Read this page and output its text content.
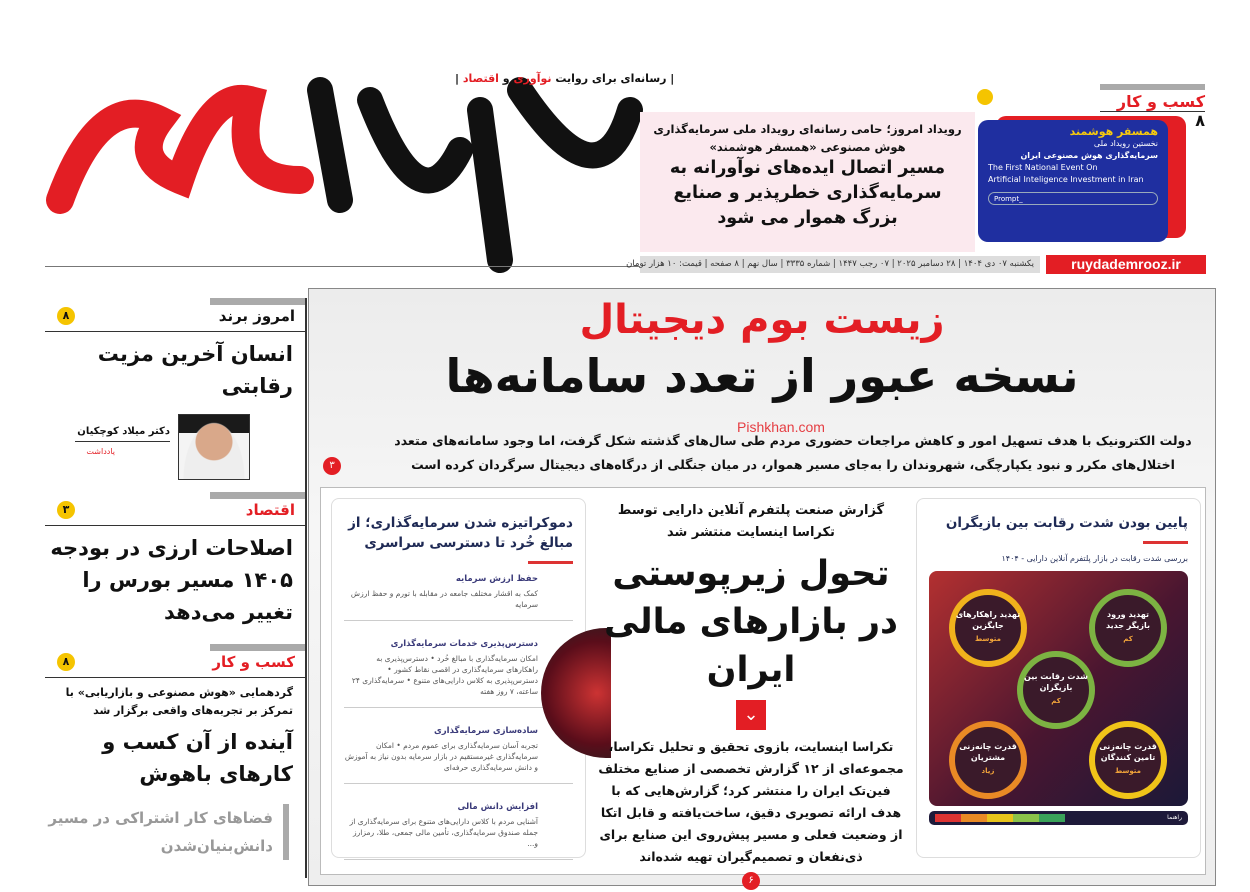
| رسانه‌ای برای روایت نوآوری و اقتصاد |
کسب و کار   ۸
رویداد امروز؛ حامی رسانه‌ای رویداد ملی سرمایه‌گذاری هوش مصنوعی «همسفر هوشمند»
مسیر اتصال ایده‌های نوآورانه به سرمایه‌گذاری خطرپذیر و صنایع بزرگ هموار می شود
همسفر هوشمند
نخستین رویداد ملی
سرمایه‌گذاری هوش مصنوعی ایران
The First National Event On
Artificial Inteligence Investment in Iran
Prompt_
یکشنبه ۰۷ دی ۱۴۰۴ | ۲۸ دسامبر ۲۰۲۵ | ۰۷ رجب ۱۴۴۷ | شماره ۳۳۳۵ | سال نهم | ۸ صفحه | قیمت: ۱۰ هزار تومان	ruydademrooz.ir
امروز برند
۸
انسان آخرین مزیت رقابتی
دکتر میلاد کوچکیان
یادداشت
اقتصاد
۳
اصلاحات ارزی در بودجه ۱۴۰۵ مسیر بورس را تغییر می‌دهد
کسب و کار
۸
گردهمایی «هوش مصنوعی و بازاریابی» با تمرکز بر تجربه‌های واقعی برگزار شد
آینده از آن کسب و کارهای باهوش
فضاهای کار اشتراکی در مسیر دانش‌بنیان‌شدن
زیست بوم دیجیتال
نسخه عبور از تعدد سامانه‌ها
Pishkhan.com
دولت الکترونیک با هدف تسهیل امور و کاهش مراجعات حضوری مردم طی سال‌های گذشته شکل گرفت، اما وجود سامانه‌های متعدد اختلال‌های مکرر و نبود یکپارچگی، شهروندان را به‌جای مسیر هموار، در میان جنگلی از درگاه‌های دیجیتال سرگردان کرده است
۳
دموکراتیزه شدن سرمایه‌گذاری؛ از مبالغ خُرد تا دسترسی سراسری
حفظ ارزش سرمایه
کمک به اقشار مختلف جامعه در مقابله با تورم و حفظ ارزش سرمایه
دسترس‌پذیری خدمات سرمایه‌گذاری
امکان سرمایه‌گذاری با مبالغ خُرد • دسترس‌پذیری به راهکارهای سرمایه‌گذاری در اقصی نقاط کشور • دسترس‌پذیری به کلاس دارایی‌های متنوع • سرمایه‌گذاری ۲۴ ساعته، ۷ روز هفته
ساده‌سازی سرمایه‌گذاری
تجربه آسان سرمایه‌گذاری برای عموم مردم • امکان سرمایه‌گذاری غیرمستقیم در بازار سرمایه بدون نیاز به آموزش و دانش سرمایه‌گذاری حرفه‌ای
افزایش دانش مالی
آشنایی مردم با کلاس دارایی‌های متنوع برای سرمایه‌گذاری از جمله صندوق سرمایه‌گذاری، تأمین مالی جمعی، طلا، رمزارز و...
گزارش صنعت پلتفرم آنلاین دارایی توسط تکراسا اینسایت منتشر شد
تحول زیرپوستی در بازارهای مالی ایران
⌄
تکراسا اینسایت، بازوی تحقیق و تحلیل تکراسا، مجموعه‌ای از ۱۲ گزارش تخصصی از صنایع مختلف فین‌تک ایران را منتشر کرد؛ گزارش‌هایی که با هدف ارائه تصویری دقیق، ساخت‌یافته و قابل اتکا از وضعیت فعلی و مسیر پیش‌روی این صنایع برای ذی‌نفعان و تصمیم‌گیران تهیه شده‌اند
۶
پایین بودن شدت رقابت بین بازیگران
بررسی شدت رقابت در بازار پلتفرم آنلاین دارایی - ۱۴۰۴
تهدید راهکارهای جایگزین
متوسط
تهدید ورود بازیگر جدید
کم
شدت رقابت بین بازیگران
کم
قدرت چانه‌زنی مشتریان
زیاد
قدرت چانه‌زنی تامین کنندگان
متوسط
راهنما
